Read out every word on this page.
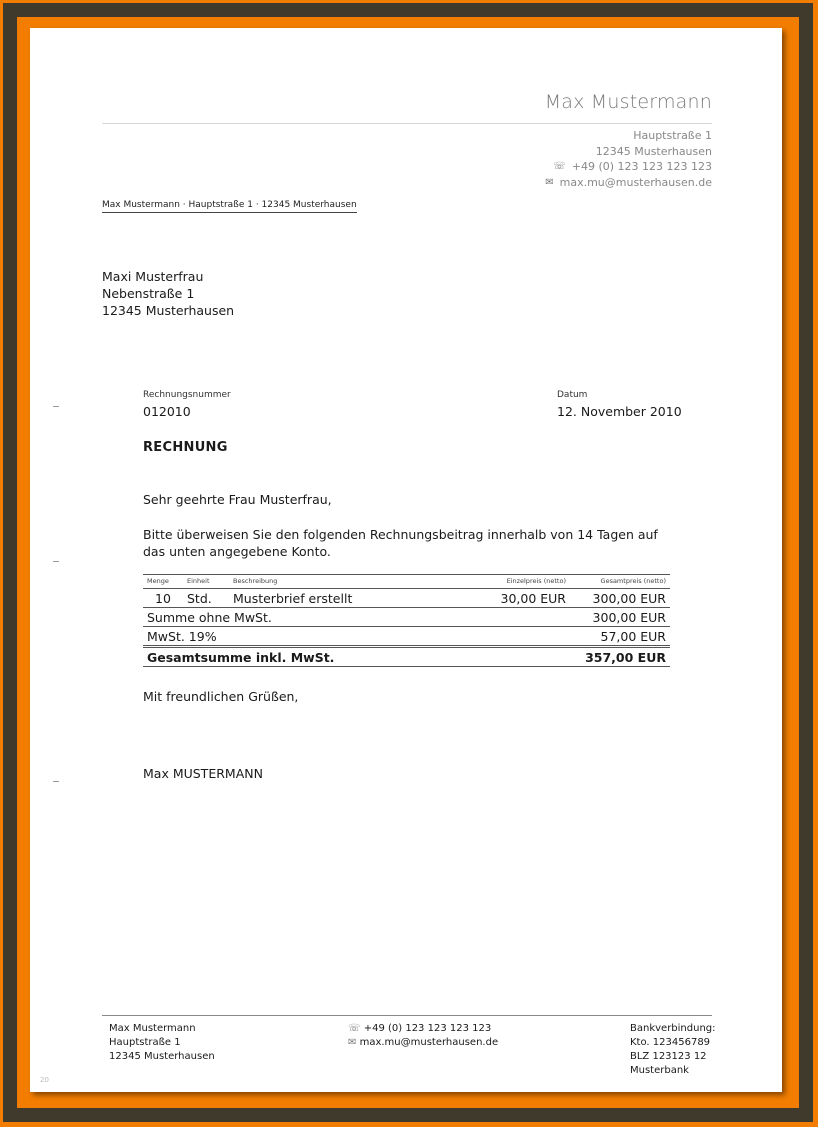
Max Mustermann
Hauptstraße 1
12345 Musterhausen
☏ +49 (0) 123 123 123 123
✉ max.mu@musterhausen.de
Max Mustermann · Hauptstraße 1 · 12345 Musterhausen
Maxi Musterfrau
Nebenstraße 1
12345 Musterhausen
Rechnungsnummer
012010
Datum
12. November 2010
RECHNUNG
Sehr geehrte Frau Musterfrau,
Bitte überweisen Sie den folgenden Rechnungsbeitrag innerhalb von 14 Tagen auf das unten angegebene Konto.
Menge	Einheit	Beschreibung	Einzelpreis (netto)	Gesamtpreis (netto)
10	Std.	Musterbrief erstellt	30,00 EUR	300,00 EUR
Summe ohne MwSt.				300,00 EUR
MwSt. 19%				57,00 EUR
Gesamtsumme inkl. MwSt.				357,00 EUR
Mit freundlichen Grüßen,
Max MUSTERMANN
Max Mustermann
Hauptstraße 1
12345 Musterhausen
☏ +49 (0) 123 123 123 123
✉ max.mu@musterhausen.de
Bankverbindung:
Kto. 123456789
BLZ 123123 12
Musterbank
20
